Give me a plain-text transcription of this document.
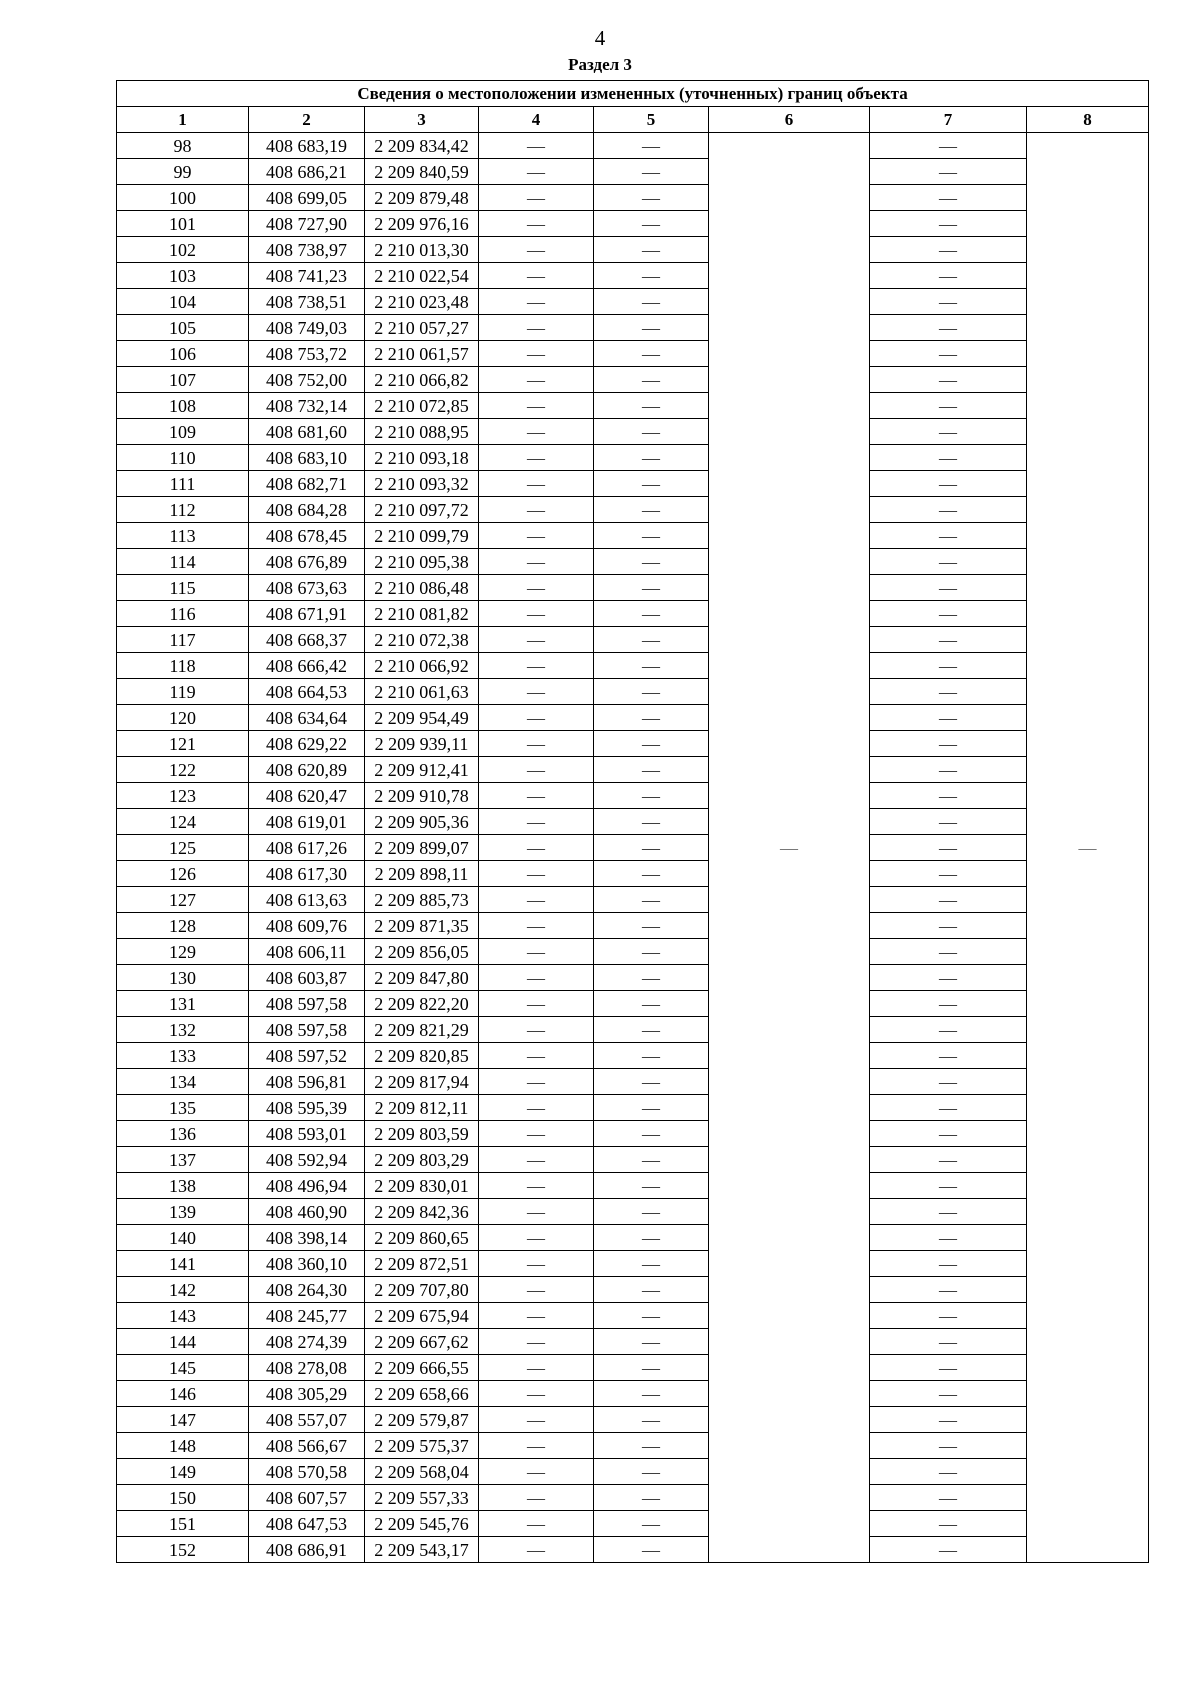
4
Раздел 3
Сведения о местоположении измененных (уточненных) границ объекта							
1	2	3	4	5	6	7	8
98	408 683,19	2 209 834,42	—	—	—	—	—
99	408 686,21	2 209 840,59	—	—		—	
100	408 699,05	2 209 879,48	—	—		—	
101	408 727,90	2 209 976,16	—	—		—	
102	408 738,97	2 210 013,30	—	—		—	
103	408 741,23	2 210 022,54	—	—		—	
104	408 738,51	2 210 023,48	—	—		—	
105	408 749,03	2 210 057,27	—	—		—	
106	408 753,72	2 210 061,57	—	—		—	
107	408 752,00	2 210 066,82	—	—		—	
108	408 732,14	2 210 072,85	—	—		—	
109	408 681,60	2 210 088,95	—	—		—	
110	408 683,10	2 210 093,18	—	—		—	
111	408 682,71	2 210 093,32	—	—		—	
112	408 684,28	2 210 097,72	—	—		—	
113	408 678,45	2 210 099,79	—	—		—	
114	408 676,89	2 210 095,38	—	—		—	
115	408 673,63	2 210 086,48	—	—		—	
116	408 671,91	2 210 081,82	—	—		—	
117	408 668,37	2 210 072,38	—	—		—	
118	408 666,42	2 210 066,92	—	—		—	
119	408 664,53	2 210 061,63	—	—		—	
120	408 634,64	2 209 954,49	—	—		—	
121	408 629,22	2 209 939,11	—	—		—	
122	408 620,89	2 209 912,41	—	—		—	
123	408 620,47	2 209 910,78	—	—		—	
124	408 619,01	2 209 905,36	—	—		—	
125	408 617,26	2 209 899,07	—	—		—	
126	408 617,30	2 209 898,11	—	—		—	
127	408 613,63	2 209 885,73	—	—		—	
128	408 609,76	2 209 871,35	—	—		—	
129	408 606,11	2 209 856,05	—	—		—	
130	408 603,87	2 209 847,80	—	—		—	
131	408 597,58	2 209 822,20	—	—		—	
132	408 597,58	2 209 821,29	—	—		—	
133	408 597,52	2 209 820,85	—	—		—	
134	408 596,81	2 209 817,94	—	—		—	
135	408 595,39	2 209 812,11	—	—		—	
136	408 593,01	2 209 803,59	—	—		—	
137	408 592,94	2 209 803,29	—	—		—	
138	408 496,94	2 209 830,01	—	—		—	
139	408 460,90	2 209 842,36	—	—		—	
140	408 398,14	2 209 860,65	—	—		—	
141	408 360,10	2 209 872,51	—	—		—	
142	408 264,30	2 209 707,80	—	—		—	
143	408 245,77	2 209 675,94	—	—		—	
144	408 274,39	2 209 667,62	—	—		—	
145	408 278,08	2 209 666,55	—	—		—	
146	408 305,29	2 209 658,66	—	—		—	
147	408 557,07	2 209 579,87	—	—		—	
148	408 566,67	2 209 575,37	—	—		—	
149	408 570,58	2 209 568,04	—	—		—	
150	408 607,57	2 209 557,33	—	—		—	
151	408 647,53	2 209 545,76	—	—		—	
152	408 686,91	2 209 543,17	—	—		—	
